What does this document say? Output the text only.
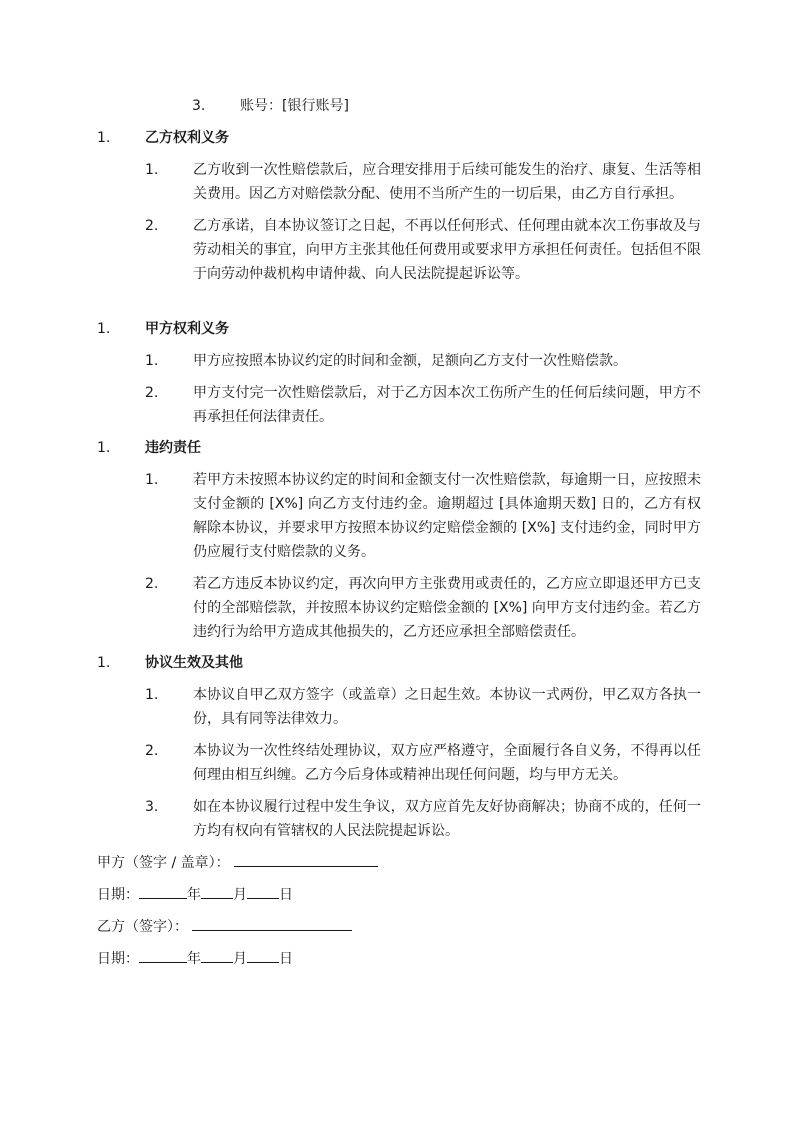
3. 账号：[银行账号]
1.	乙方权利义务
1.	乙方收到一次性赔偿款后，应合理安排用于后续可能发生的治疗、康复、生活等相关费用。因乙方对赔偿款分配、使用不当所产生的一切后果，由乙方自行承担。
2.	乙方承诺，自本协议签订之日起，不再以任何形式、任何理由就本次工伤事故及与劳动相关的事宜，向甲方主张其他任何费用或要求甲方承担任何责任。包括但不限于向劳动仲裁机构申请仲裁、向人民法院提起诉讼等。
1.	甲方权利义务
1.	甲方应按照本协议约定的时间和金额，足额向乙方支付一次性赔偿款。
2.	甲方支付完一次性赔偿款后，对于乙方因本次工伤所产生的任何后续问题，甲方不再承担任何法律责任。
1.	违约责任
1.	若甲方未按照本协议约定的时间和金额支付一次性赔偿款，每逾期一日，应按照未支付金额的 [X%] 向乙方支付违约金。逾期超过 [具体逾期天数] 日的，乙方有权解除本协议，并要求甲方按照本协议约定赔偿金额的 [X%] 支付违约金，同时甲方仍应履行支付赔偿款的义务。
2.	若乙方违反本协议约定，再次向甲方主张费用或责任的，乙方应立即退还甲方已支付的全部赔偿款，并按照本协议约定赔偿金额的 [X%] 向甲方支付违约金。若乙方违约行为给甲方造成其他损失的，乙方还应承担全部赔偿责任。
1.	协议生效及其他
1.	本协议自甲乙双方签字（或盖章）之日起生效。本协议一式两份，甲乙双方各执一份，具有同等法律效力。
2.	本协议为一次性终结处理协议，双方应严格遵守，全面履行各自义务，不得再以任何理由相互纠缠。乙方今后身体或精神出现任何问题，均与甲方无关。
3.	如在本协议履行过程中发生争议，双方应首先友好协商解决；协商不成的，任何一方均有权向有管辖权的人民法院提起诉讼。
甲方（签字 / 盖章）：
日期：	年 月 日
乙方（签字）：
日期：	年 月 日
